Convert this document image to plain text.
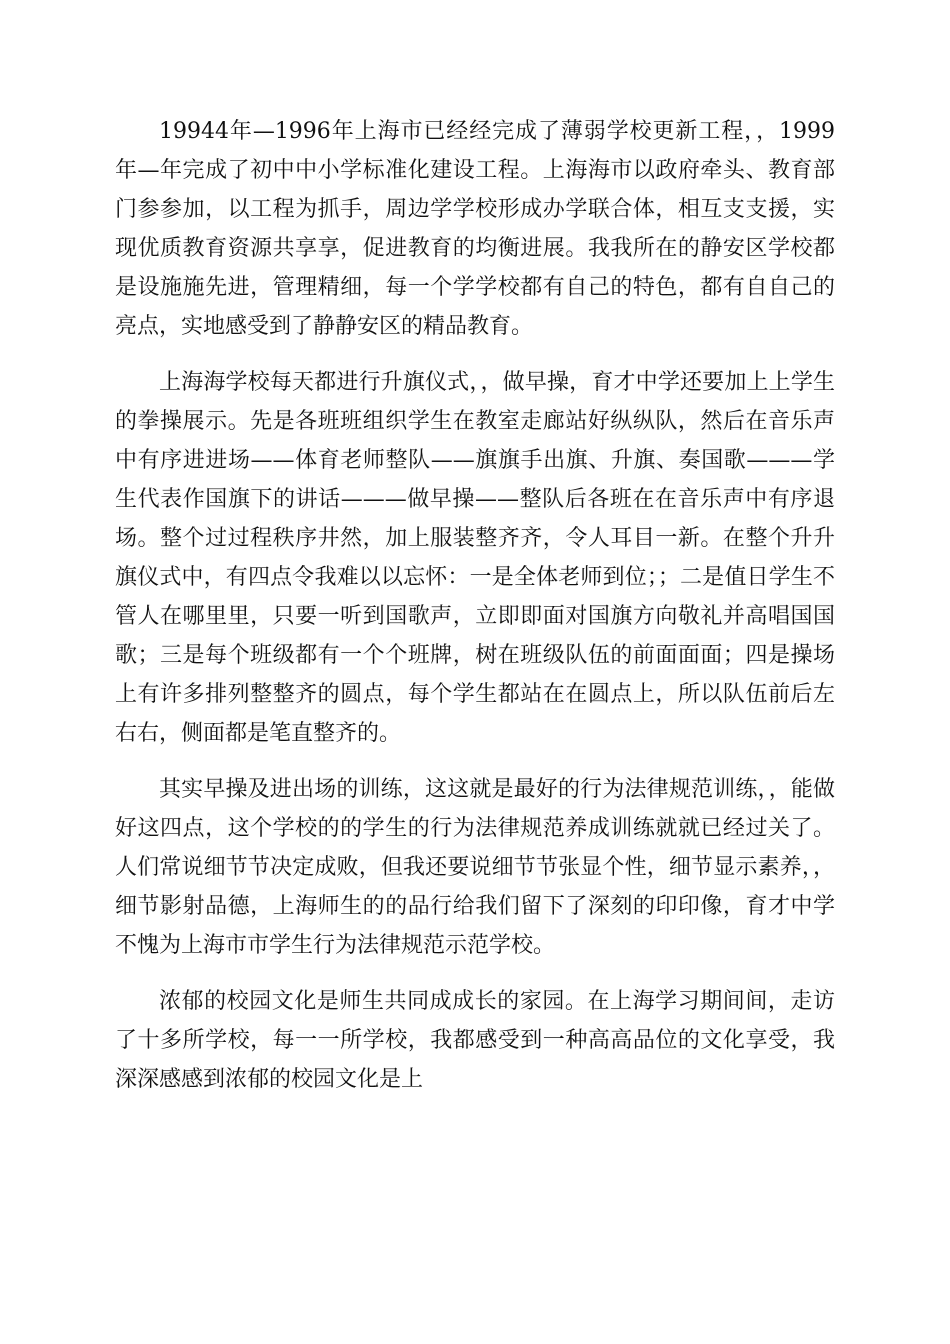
19944年—1996年上海市已经经完成了薄弱学校更新工程，，1999年—年完成了初中中小学标准化建设工程。上海海市以政府牵头、教育部门参参加，以工程为抓手，周边学学校形成办学联合体，相互支支援，实现优质教育资源共享享，促进教育的均衡进展。我我所在的静安区学校都是设施施先进，管理精细，每一个学学校都有自己的特色，都有自自己的亮点，实地感受到了静静安区的精品教育。

上海海学校每天都进行升旗仪式，，做早操，育才中学还要加上上学生的拳操展示。先是各班班组织学生在教室走廊站好纵纵队，然后在音乐声中有序进进场——体育老师整队——旗旗手出旗、升旗、奏国歌———学生代表作国旗下的讲话———做早操——整队后各班在在音乐声中有序退场。整个过过程秩序井然，加上服装整齐齐，令人耳目一新。在整个升升旗仪式中，有四点令我难以以忘怀：一是全体老师到位；；二是值日学生不管人在哪里里，只要一听到国歌声，立即即面对国旗方向敬礼并高唱国国歌；三是每个班级都有一个个班牌，树在班级队伍的前面面面；四是操场上有许多排列整整齐的圆点，每个学生都站在在圆点上，所以队伍前后左右右，侧面都是笔直整齐的。

其实早操及进出场的训练，这这就是最好的行为法律规范训练，，能做好这四点，这个学校的的学生的行为法律规范养成训练就就已经过关了。人们常说细节节决定成败，但我还要说细节节张显个性，细节显示素养，，细节影射品德，上海师生的的品行给我们留下了深刻的印印像，育才中学不愧为上海市市学生行为法律规范示范学校。

浓郁的校园文化是师生共同成成长的家园。在上海学习期间间，走访了十多所学校，每一一所学校，我都感受到一种高高品位的文化享受，我深深感感到浓郁的校园文化是上
